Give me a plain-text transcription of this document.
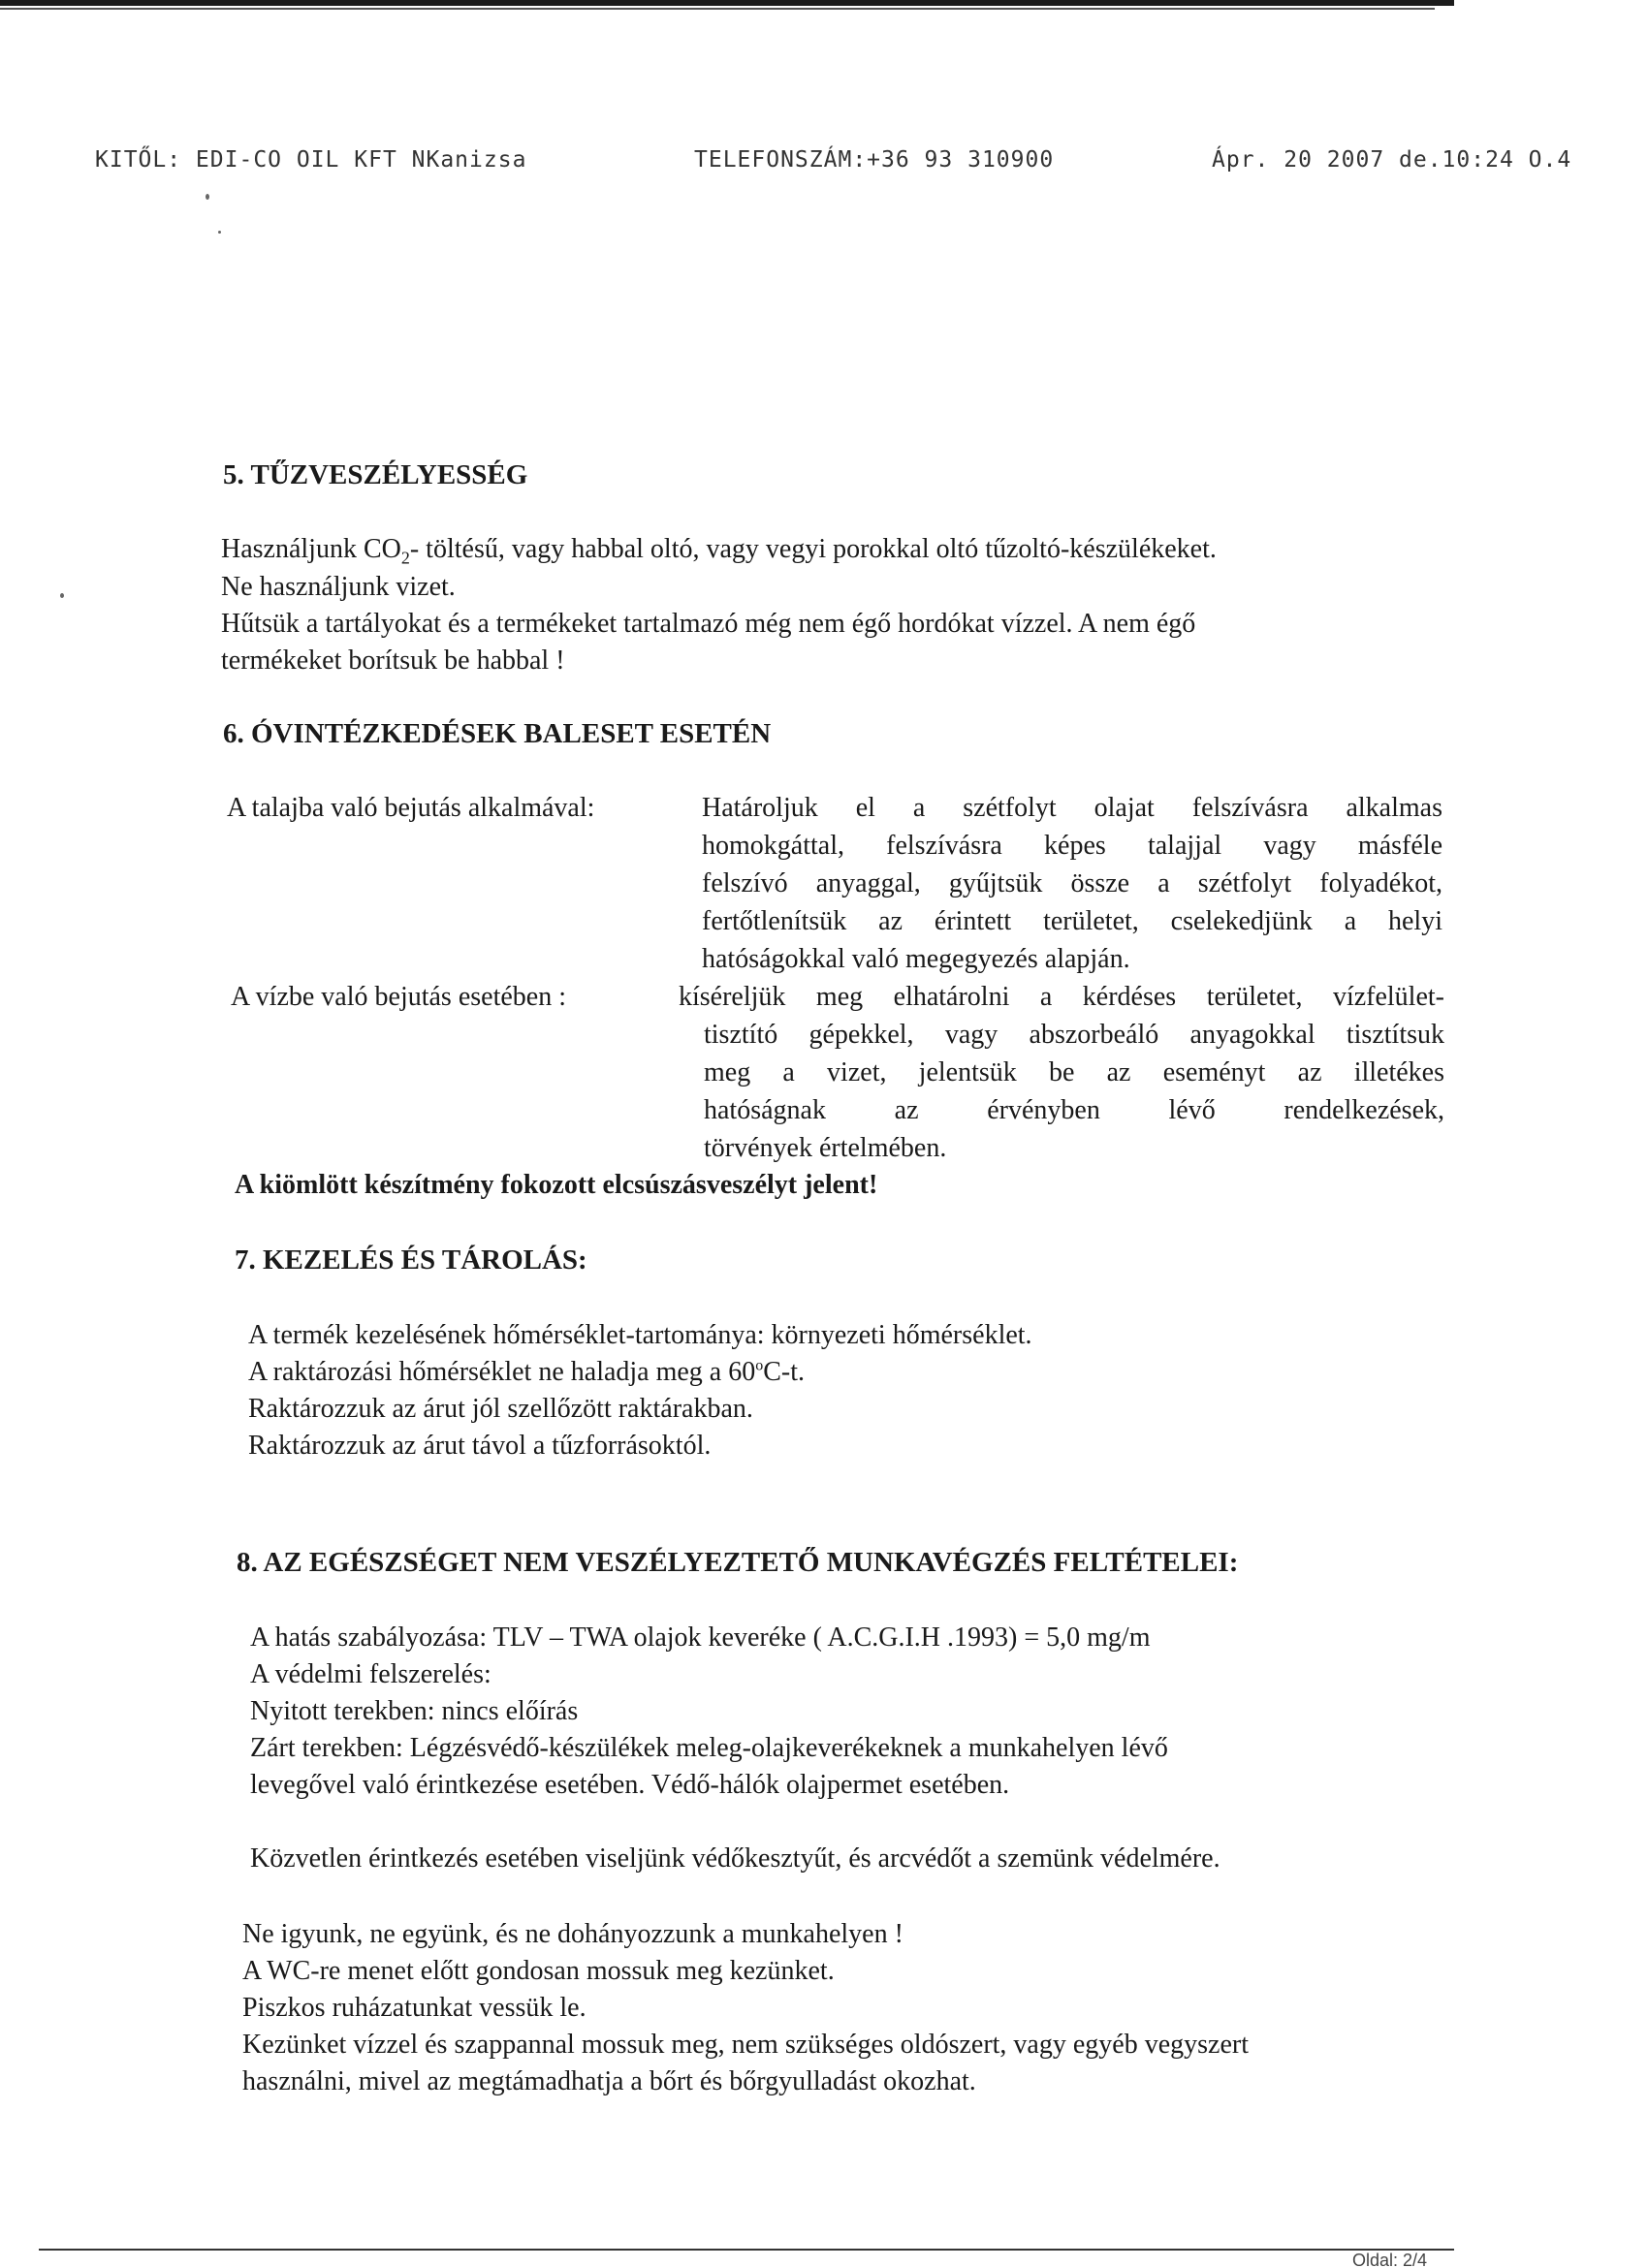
KITŐL: EDI-CO OIL KFT NKanizsa	TELEFONSZÁM:+36 93 310900	Ápr. 20 2007 de.10:24 O.4
5. TŰZVESZÉLYESSÉG
Használjunk $CO_2-$ töltésű, vagy habbal oltó, vagy vegyi porokkal oltó tűzoltó-készülékeket.
Ne használjunk vizet.
Hűtsük a tartályokat és a termékeket tartalmazó még nem égő hordókat vízzel. A nem égő
termékeket borítsuk be habbal !
6. ÓVINTÉZKEDÉSEK BALESET ESETÉN
A talajba való bejutás alkalmával:	Határoljuk el a szétfolyt olajat felszívásra alkalmas
homokgáttal, felszívásra képes talajjal vagy másféle
felszívó anyaggal, gyűjtsük össze a szétfolyt folyadékot,
fertőtlenítsük az érintett területet, cselekedjünk a helyi
hatóságokkal való megegyezés alapján.
A vízbe való bejutás esetében :	kíséreljük meg elhatárolni a kérdéses területet, vízfelület-
tisztító gépekkel, vagy abszorbeáló anyagokkal tisztítsuk
meg a vizet, jelentsük be az eseményt az illetékes
hatóságnak az érvényben lévő rendelkezések,
törvények értelmében.
A kiömlött készítmény fokozott elcsúszásveszélyt jelent!
7. KEZELÉS ÉS TÁROLÁS:
A termék kezelésének hőmérséklet-tartománya: környezeti hőmérséklet.
A raktározási hőmérséklet ne haladja meg a 60$^o$C-t.
Raktározzuk az árut jól szellőzött raktárakban.
Raktározzuk az árut távol a tűzforrásoktól.
8. AZ EGÉSZSÉGET NEM VESZÉLYEZTETŐ MUNKAVÉGZÉS FELTÉTELEI:
A hatás szabályozása: TLV – TWA olajok keveréke ( A.C.G.I.H .1993) = 5,0 mg/m
A védelmi felszerelés:
Nyitott terekben: nincs előírás
Zárt terekben: Légzésvédő-készülékek meleg-olajkeverékeknek a munkahelyen lévő
levegővel való érintkezése esetében. Védő-hálók olajpermet esetében.
Közvetlen érintkezés esetében viseljünk védőkesztyűt, és arcvédőt a szemünk védelmére.
Ne igyunk, ne együnk, és ne dohányozzunk a munkahelyen !
A WC-re menet előtt gondosan mossuk meg kezünket.
Piszkos ruházatunkat vessük le.
Kezünket vízzel és szappannal mossuk meg, nem szükséges oldószert, vagy egyéb vegyszert
használni, mivel az megtámadhatja a bőrt és bőrgyulladást okozhat.
Oldal: 2/4
